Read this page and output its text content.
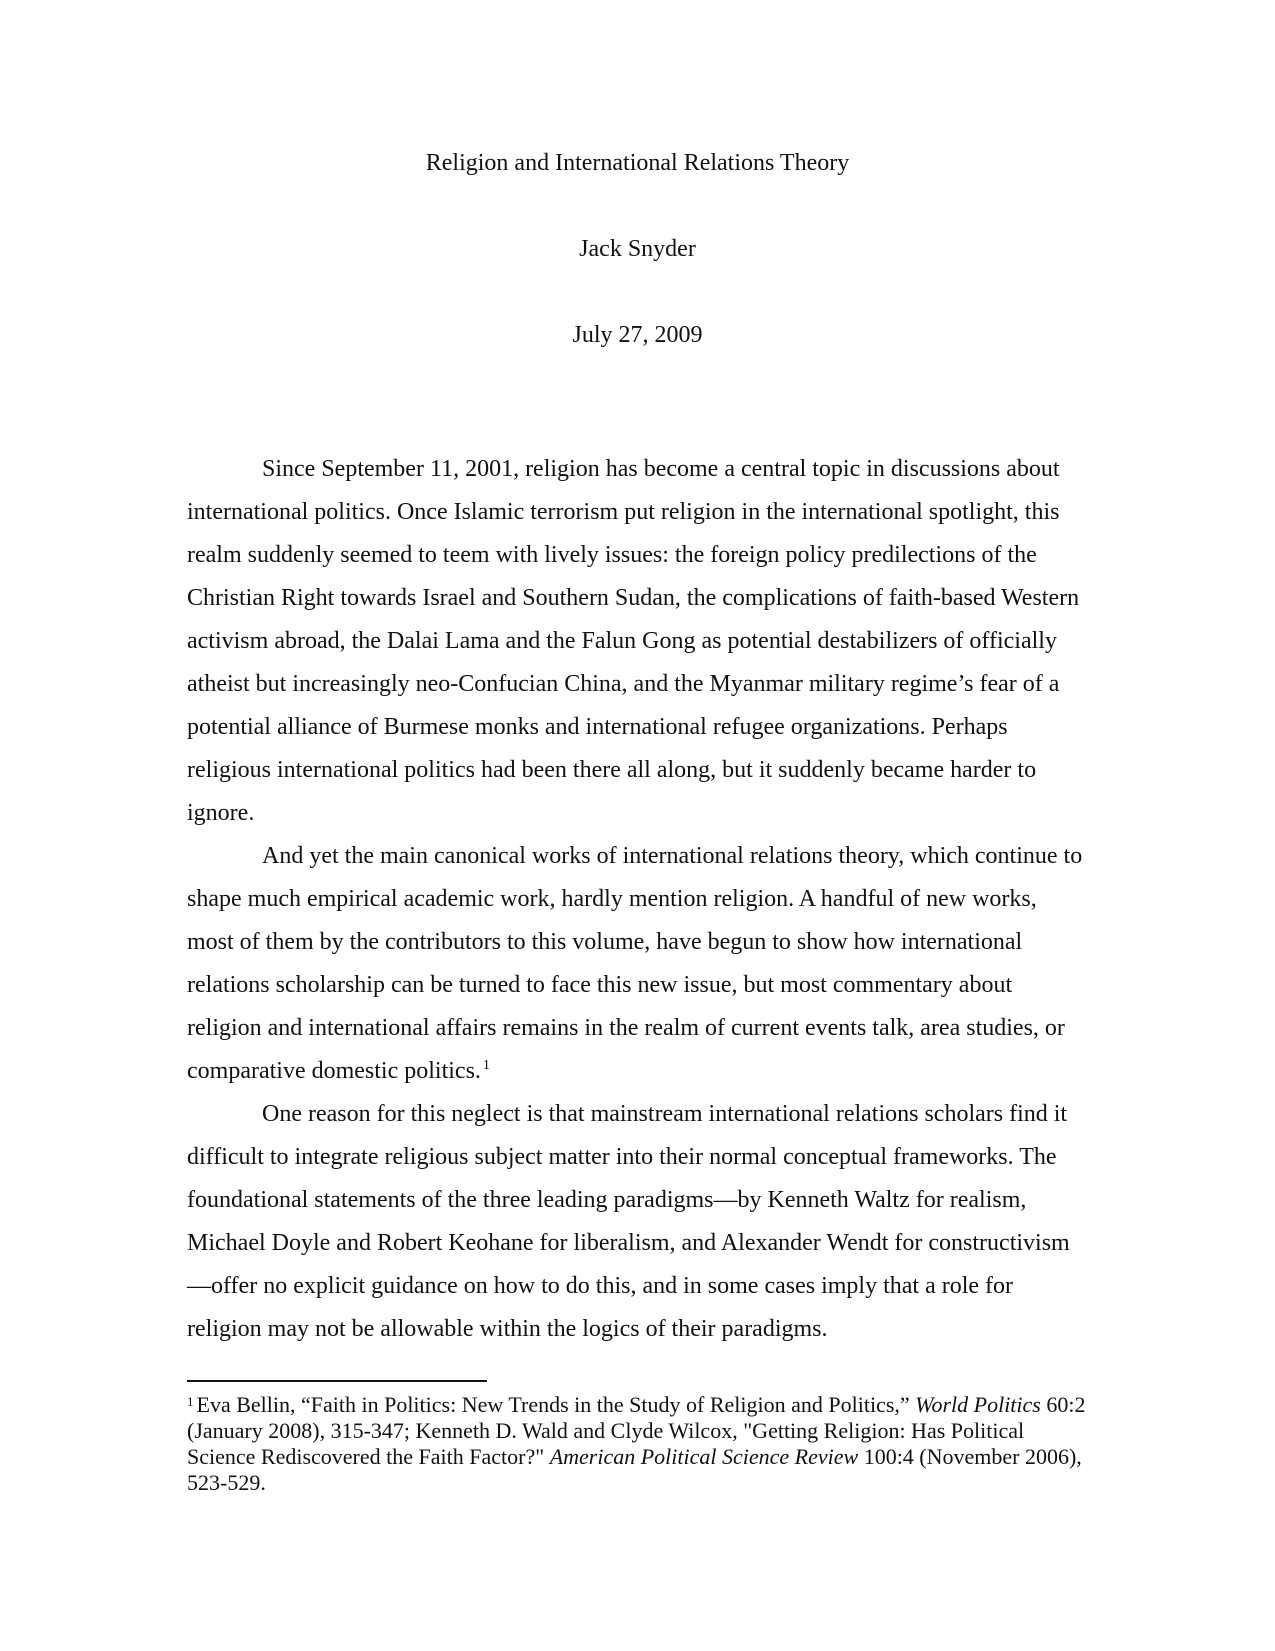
Religion and International Relations Theory
Jack Snyder
July 27, 2009

Since September 11, 2001, religion has become a central topic in discussions about international politics. Once Islamic terrorism put religion in the international spotlight, this realm suddenly seemed to teem with lively issues: the foreign policy predilections of the Christian Right towards Israel and Southern Sudan, the complications of faith-based Western activism abroad, the Dalai Lama and the Falun Gong as potential destabilizers of officially atheist but increasingly neo-Confucian China, and the Myanmar military regime’s fear of a potential alliance of Burmese monks and international refugee organizations. Perhaps religious international politics had been there all along, but it suddenly became harder to ignore.

And yet the main canonical works of international relations theory, which continue to shape much empirical academic work, hardly mention religion. A handful of new works, most of them by the contributors to this volume, have begun to show how international relations scholarship can be turned to face this new issue, but most commentary about religion and international affairs remains in the realm of current events talk, area studies, or comparative domestic politics. $^1$

One reason for this neglect is that mainstream international relations scholars find it difficult to integrate religious subject matter into their normal conceptual frameworks. The foundational statements of the three leading paradigms—by Kenneth Waltz for realism, Michael Doyle and Robert Keohane for liberalism, and Alexander Wendt for constructivism—offer no explicit guidance on how to do this, and in some cases imply that a role for religion may not be allowable within the logics of their paradigms.

$^1$ Eva Bellin, “Faith in Politics: New Trends in the Study of Religion and Politics,” World Politics 60:2 (January 2008), 315-347; Kenneth D. Wald and Clyde Wilcox, "Getting Religion: Has Political Science Rediscovered the Faith Factor?" American Political Science Review 100:4 (November 2006), 523-529.
